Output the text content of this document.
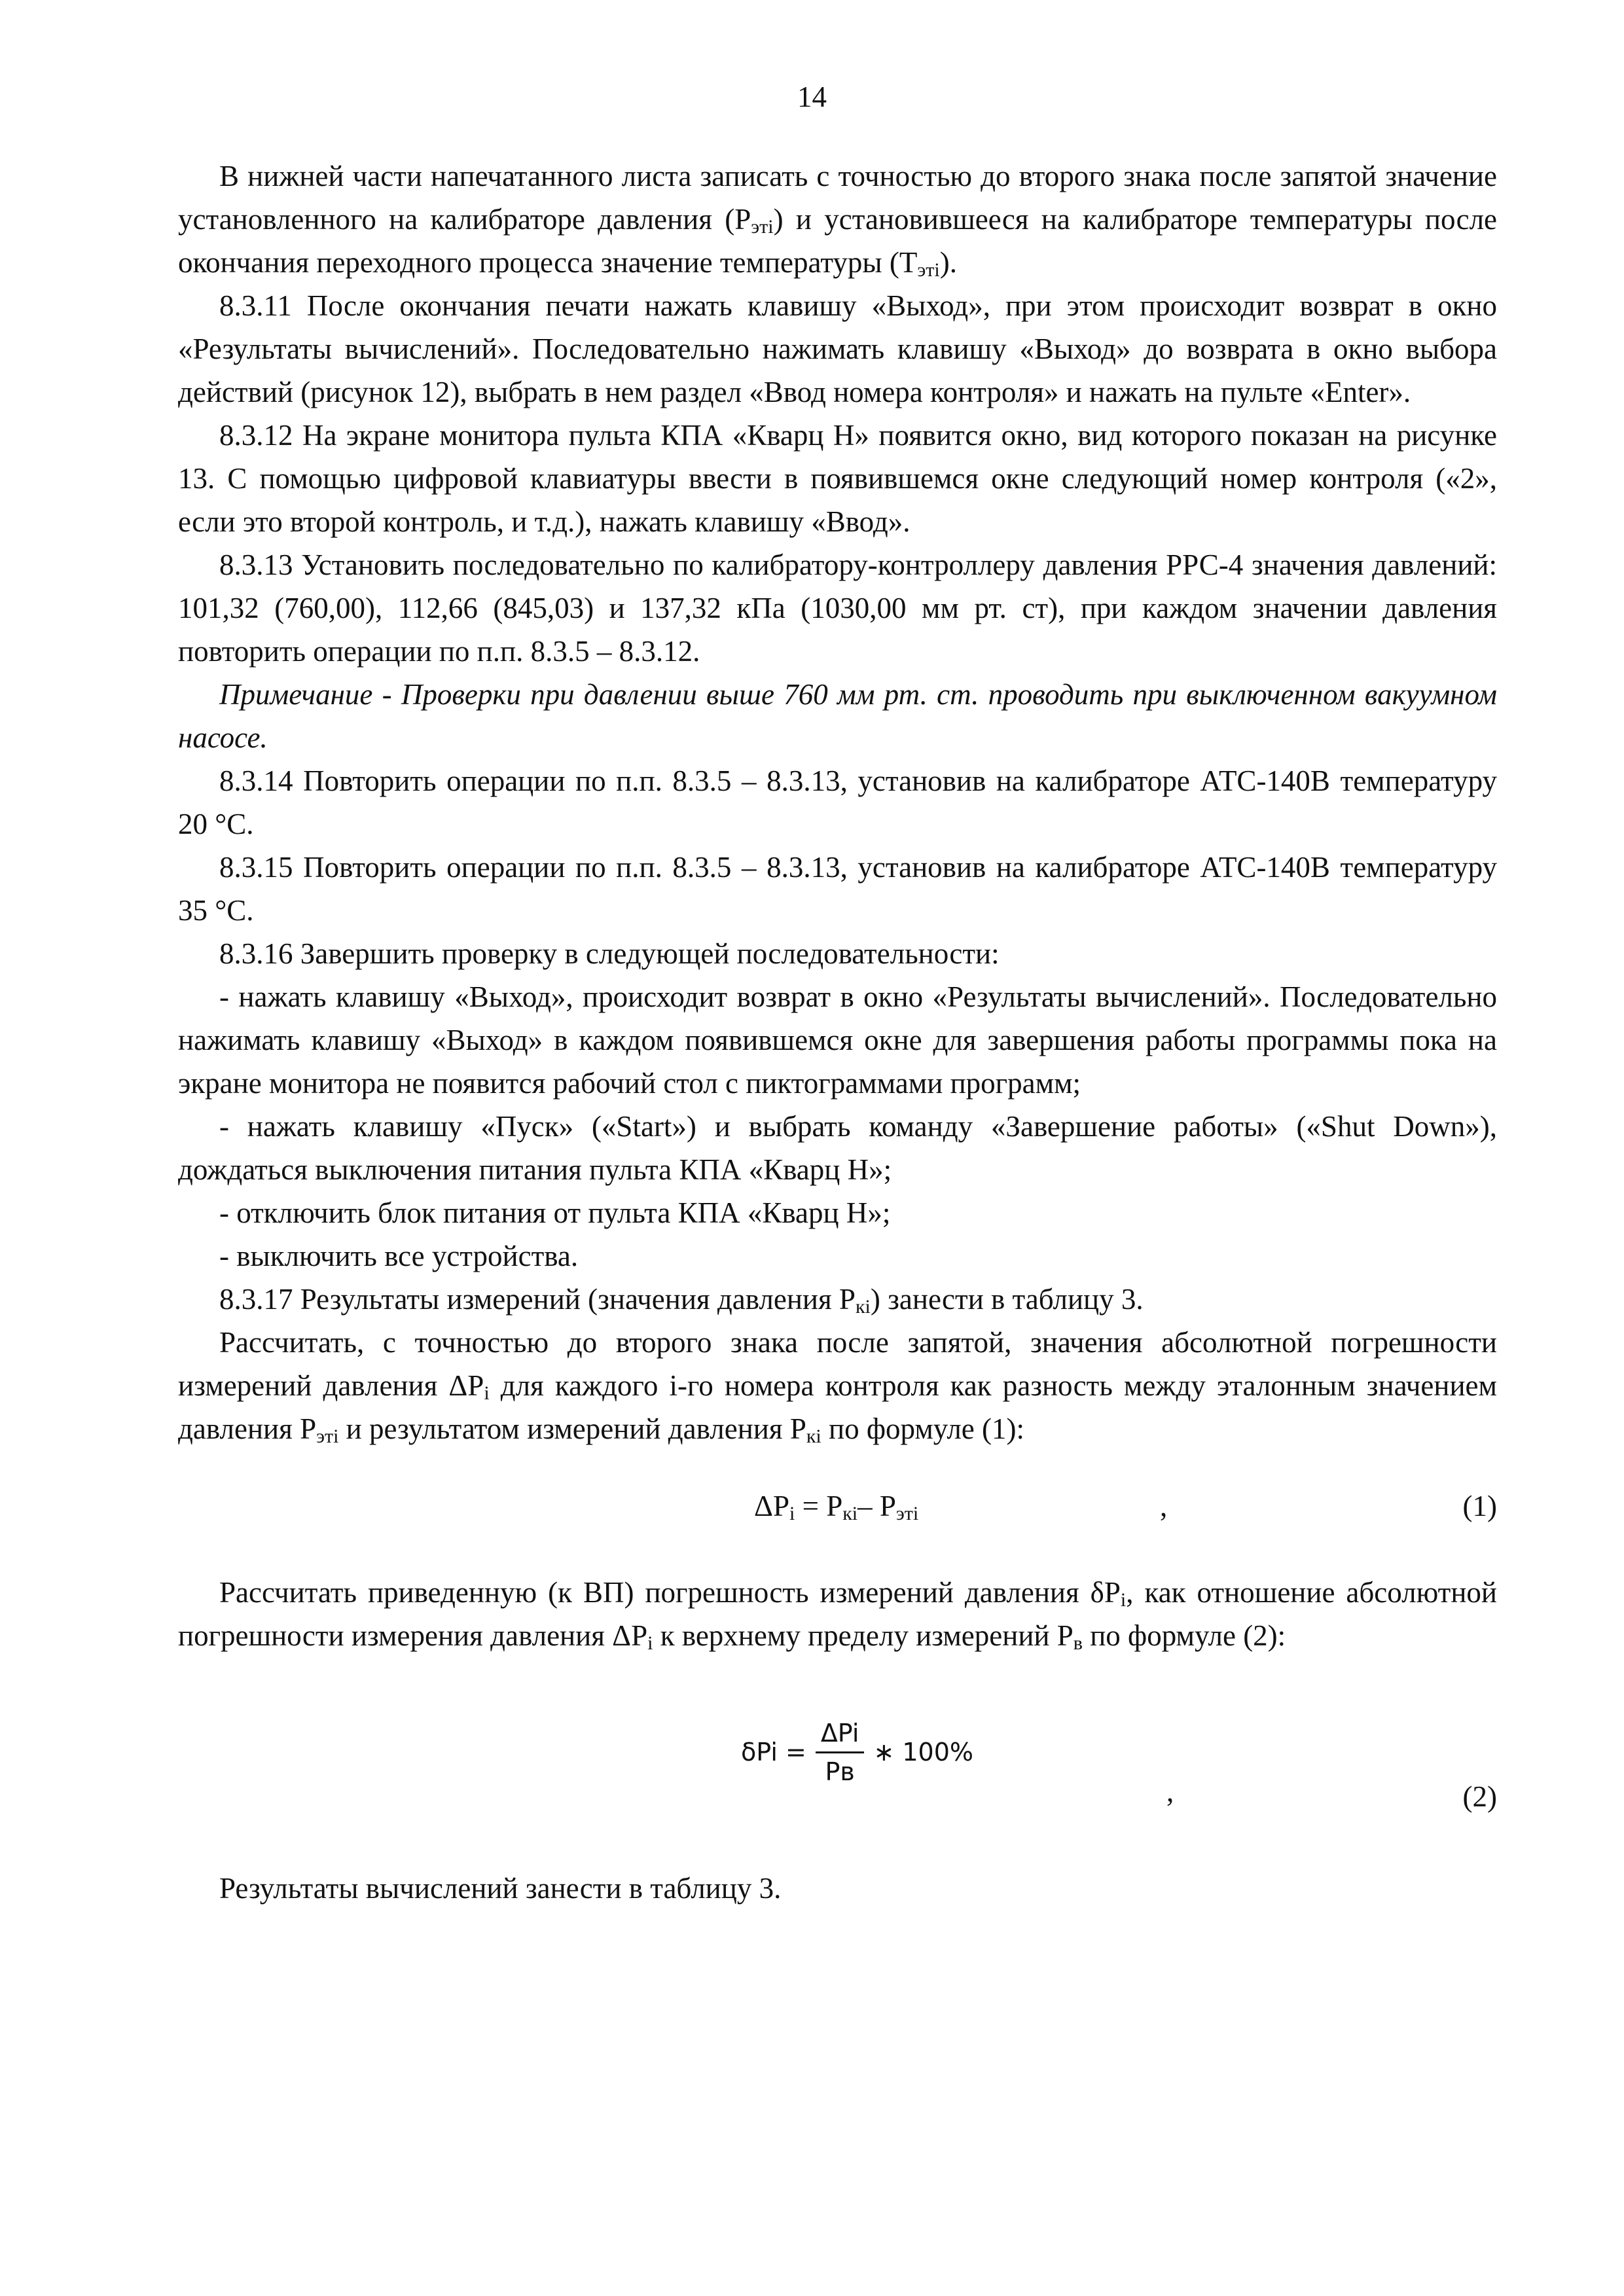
14

В нижней части напечатанного листа записать с точностью до второго знака после запятой значение установленного на калибраторе давления $(Р_{этi})$ и установившееся на калибраторе температуры после окончания переходного процесса значение температуры $(Т_{этi})$.

8.3.11 После окончания печати нажать клавишу «Выход», при этом происходит возврат в окно «Результаты вычислений». Последовательно нажимать клавишу «Выход» до возврата в окно выбора действий (рисунок 12), выбрать в нем раздел «Ввод номера контроля» и нажать на пульте «Enter».

8.3.12 На экране монитора пульта КПА «Кварц Н» появится окно, вид которого показан на рисунке 13. С помощью цифровой клавиатуры ввести в появившемся окне следующий номер контроля («2», если это второй контроль, и т.д.), нажать клавишу «Ввод».

8.3.13 Установить последовательно по калибратору-контроллеру давления РРС-4 значения давлений: 101,32 (760,00), 112,66 (845,03) и 137,32 кПа (1030,00 мм рт. ст), при каждом значении давления повторить операции по п.п. 8.3.5 – 8.3.12.

Примечание - Проверки при давлении выше 760 мм рт. ст. проводить при выключенном вакуумном насосе.

8.3.14 Повторить операции по п.п. 8.3.5 – 8.3.13, установив на калибраторе АТС-140В температуру 20 °С.

8.3.15 Повторить операции по п.п. 8.3.5 – 8.3.13, установив на калибраторе АТС-140В температуру 35 °С.

8.3.16 Завершить проверку в следующей последовательности:

- нажать клавишу «Выход», происходит возврат в окно «Результаты вычислений». Последовательно нажимать клавишу «Выход» в каждом появившемся окне для завершения работы программы пока на экране монитора не появится рабочий стол с пиктограммами программ;

- нажать клавишу «Пуск» («Start») и выбрать команду «Завершение работы» («Shut Down»), дождаться выключения питания пульта КПА «Кварц Н»;

- отключить блок питания от пульта КПА «Кварц Н»;

- выключить все устройства.

8.3.17 Результаты измерений (значения давления $Р_{кi}$) занести в таблицу 3.

Рассчитать, с точностью до второго знака после запятой, значения абсолютной погрешности измерений давления $\Delta Р_i$ для каждого i-го номера контроля как разность между эталонным значением давления $Р_{этi}$ и результатом измерений давления $Р_{кi}$ по формуле (1):

$\Delta Р_i = Р_{кi}-$ $Р_{этi}$	,	(1)

Рассчитать приведенную (к ВП) погрешность измерений давления $\delta Р_i$, как отношение абсолютной погрешности измерения давления $\Delta Р_i$ к верхнему пределу измерений $Р_в$ по формуле (2):

$\delta Pi = \frac{\text{ΔPi}}{Pв}$ ∗ 100%
,	(2)

Результаты вычислений занести в таблицу 3.
